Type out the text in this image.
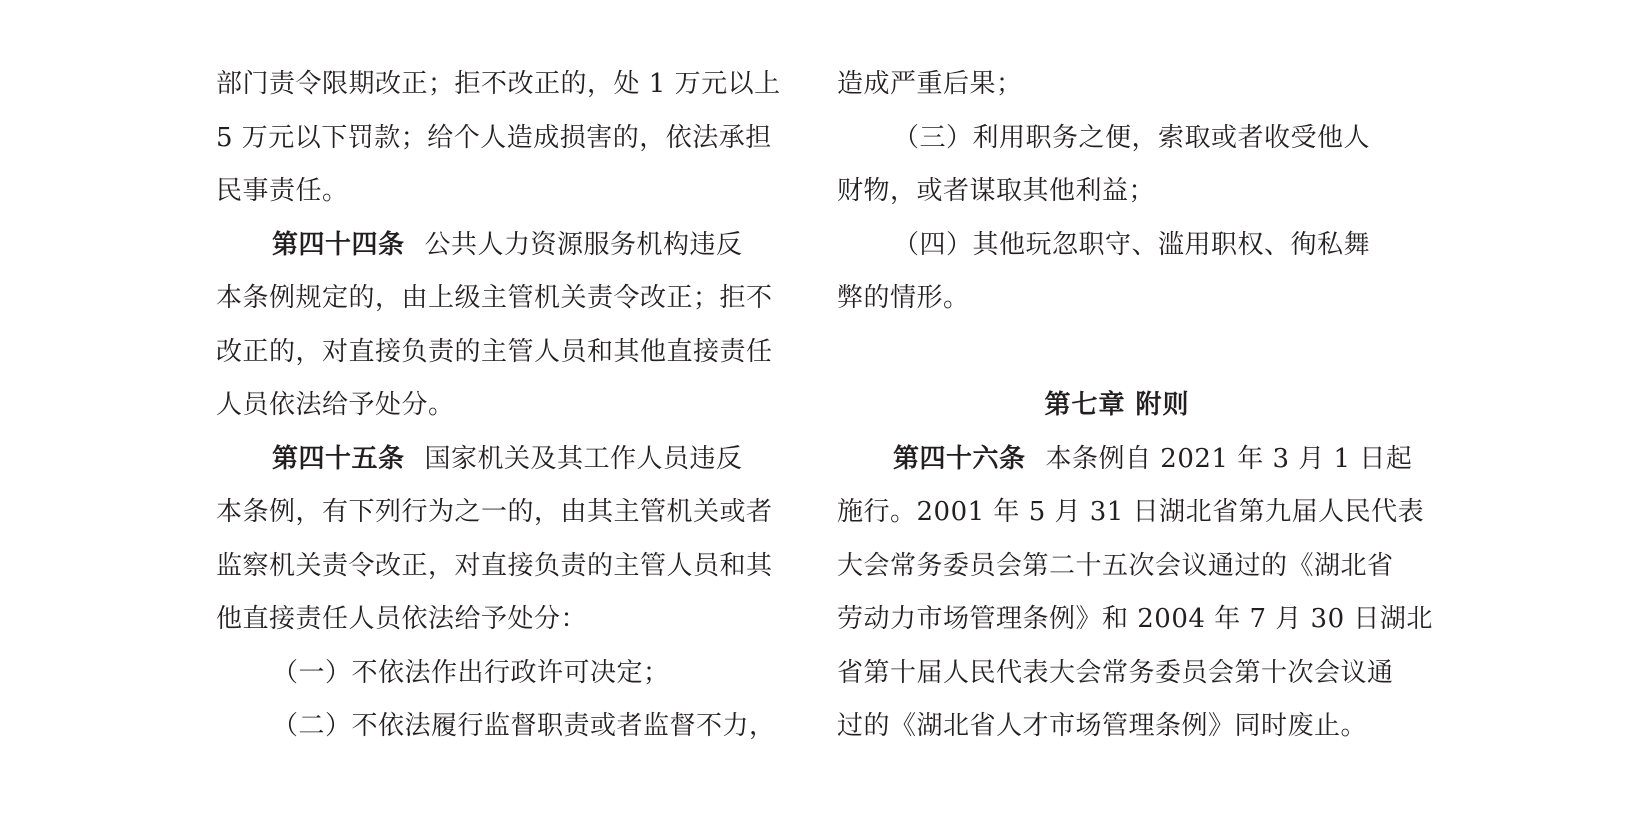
部门责令限期改正；拒不改正的，处 1 万元以上
5 万元以下罚款；给个人造成损害的，依法承担
民事责任。
第四十四条 公共人力资源服务机构违反
本条例规定的，由上级主管机关责令改正；拒不
改正的，对直接负责的主管人员和其他直接责任
人员依法给予处分。
第四十五条 国家机关及其工作人员违反
本条例，有下列行为之一的，由其主管机关或者
监察机关责令改正，对直接负责的主管人员和其
他直接责任人员依法给予处分：
（一）不依法作出行政许可决定；
（二）不依法履行监督职责或者监督不力，
造成严重后果；
（三）利用职务之便，索取或者收受他人
财物，或者谋取其他利益；
（四）其他玩忽职守、滥用职权、徇私舞
弊的情形。
第七章 附则
第四十六条 本条例自 2021 年 3 月 1 日起
施行。2001 年 5 月 31 日湖北省第九届人民代表
大会常务委员会第二十五次会议通过的《湖北省
劳动力市场管理条例》和 2004 年 7 月 30 日湖北
省第十届人民代表大会常务委员会第十次会议通
过的《湖北省人才市场管理条例》同时废止。
